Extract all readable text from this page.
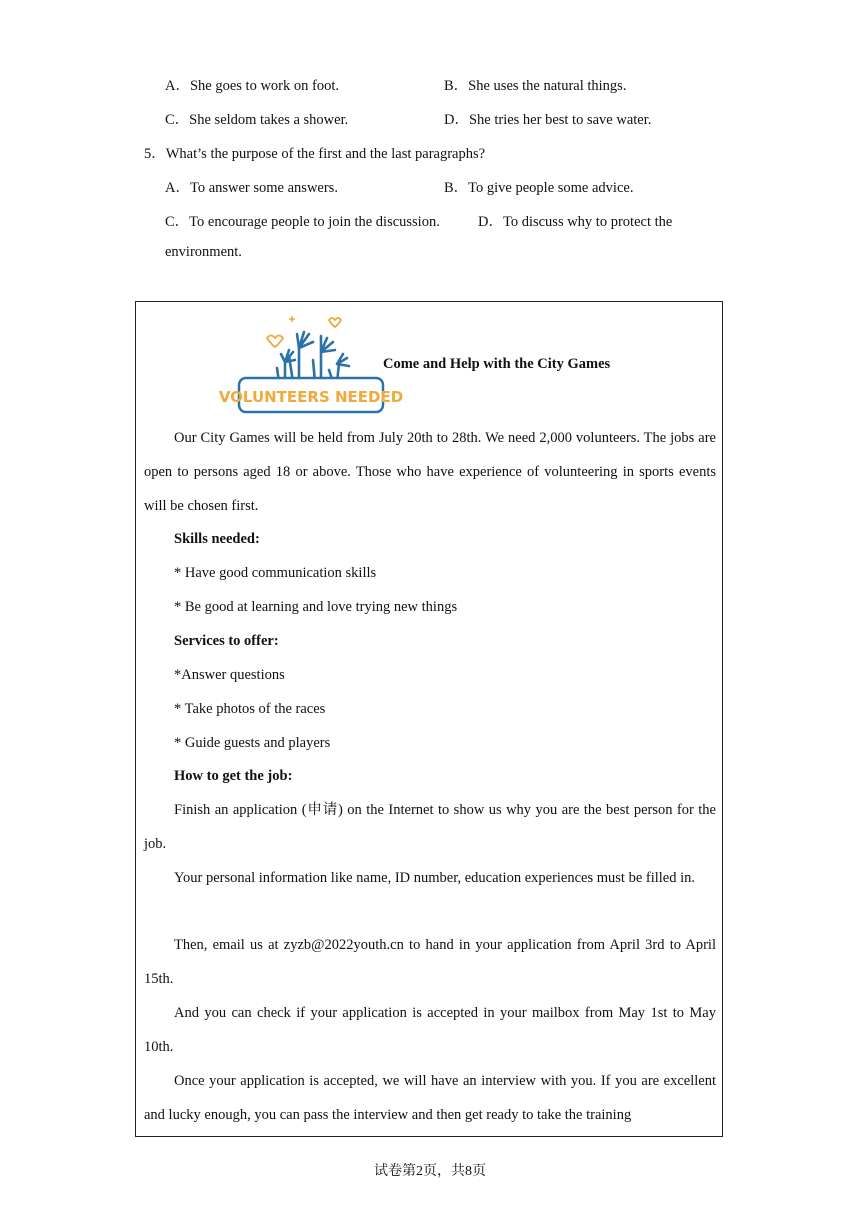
A．She goes to work on foot.	B．She uses the natural things.
C．She seldom takes a shower.	D．She tries her best to save water.
5．What’s the purpose of the first and the last paragraphs?
A．To answer some answers.	B．To give people some advice.
C．To encourage people to join the discussion.	D．To discuss why to protect the
environment.
VOLUNTEERS NEEDED
Come and Help with the City Games
Our City Games will be held from July 20th to 28th. We need 2,000 volunteers. The jobs are open to persons aged 18 or above. Those who have experience of volunteering in sports events will be chosen first.
Skills needed:
* Have good communication skills
* Be good at learning and love trying new things
Services to offer:
*Answer questions
* Take photos of the races
* Guide guests and players
How to get the job:
Finish an application (申请) on the Internet to show us why you are the best person for the job.
Your personal information like name, ID number, education experiences must be filled in.
Then, email us at zyzb@2022youth.cn to hand in your application from April 3rd to April 15th.
And you can check if your application is accepted in your mailbox from May 1st to May 10th.
Once your application is accepted, we will have an interview with you. If you are excellent and lucky enough, you can pass the interview and then get ready to take the training
试卷第2页，共8页
